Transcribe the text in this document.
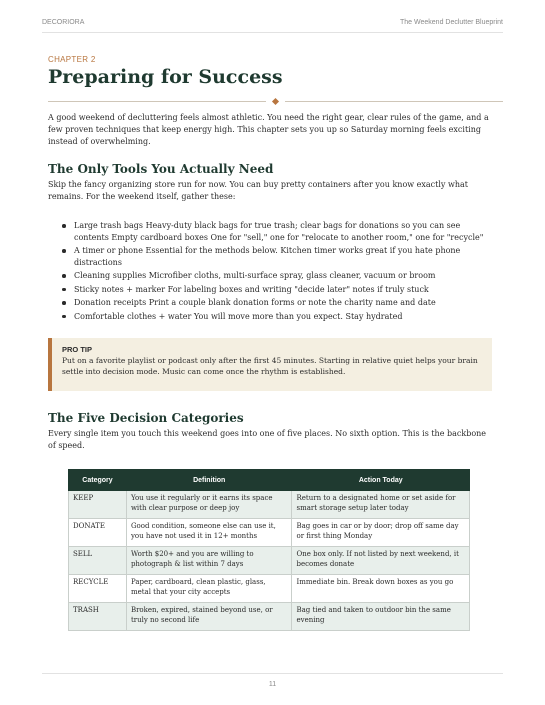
DECORIORA	The Weekend Declutter Blueprint
CHAPTER 2
Preparing for Success

A good weekend of decluttering feels almost athletic. You need the right gear, clear rules of the game, and a few proven techniques that keep energy high. This chapter sets you up so Saturday morning feels exciting instead of overwhelming.

The Only Tools You Actually Need

Skip the fancy organizing store run for now. You can buy pretty containers after you know exactly what remains. For the weekend itself, gather these:

Large trash bags Heavy-duty black bags for true trash; clear bags for donations so you can see contents Empty cardboard boxes One for "sell," one for "relocate to another room," one for "recycle"
A timer or phone Essential for the methods below. Kitchen timer works great if you hate phone distractions
Cleaning supplies Microfiber cloths, multi-surface spray, glass cleaner, vacuum or broom
Sticky notes + marker For labeling boxes and writing "decide later" notes if truly stuck
Donation receipts Print a couple blank donation forms or note the charity name and date
Comfortable clothes + water You will move more than you expect. Stay hydrated
PRO TIP
Put on a favorite playlist or podcast only after the first 45 minutes. Starting in relative quiet helps your brain settle into decision mode. Music can come once the rhythm is established.
The Five Decision Categories

Every single item you touch this weekend goes into one of five places. No sixth option. This is the backbone of speed.

Category	Definition	Action Today
KEEP	You use it regularly or it earns its space with clear purpose or deep joy	Return to a designated home or set aside for smart storage setup later today
DONATE	Good condition, someone else can use it, you have not used it in 12+ months	Bag goes in car or by door; drop off same day or first thing Monday
SELL	Worth $20+ and you are willing to photograph & list within 7 days	One box only. If not listed by next weekend, it becomes donate
RECYCLE	Paper, cardboard, clean plastic, glass, metal that your city accepts	Immediate bin. Break down boxes as you go
TRASH	Broken, expired, stained beyond use, or truly no second life	Bag tied and taken to outdoor bin the same evening
11
